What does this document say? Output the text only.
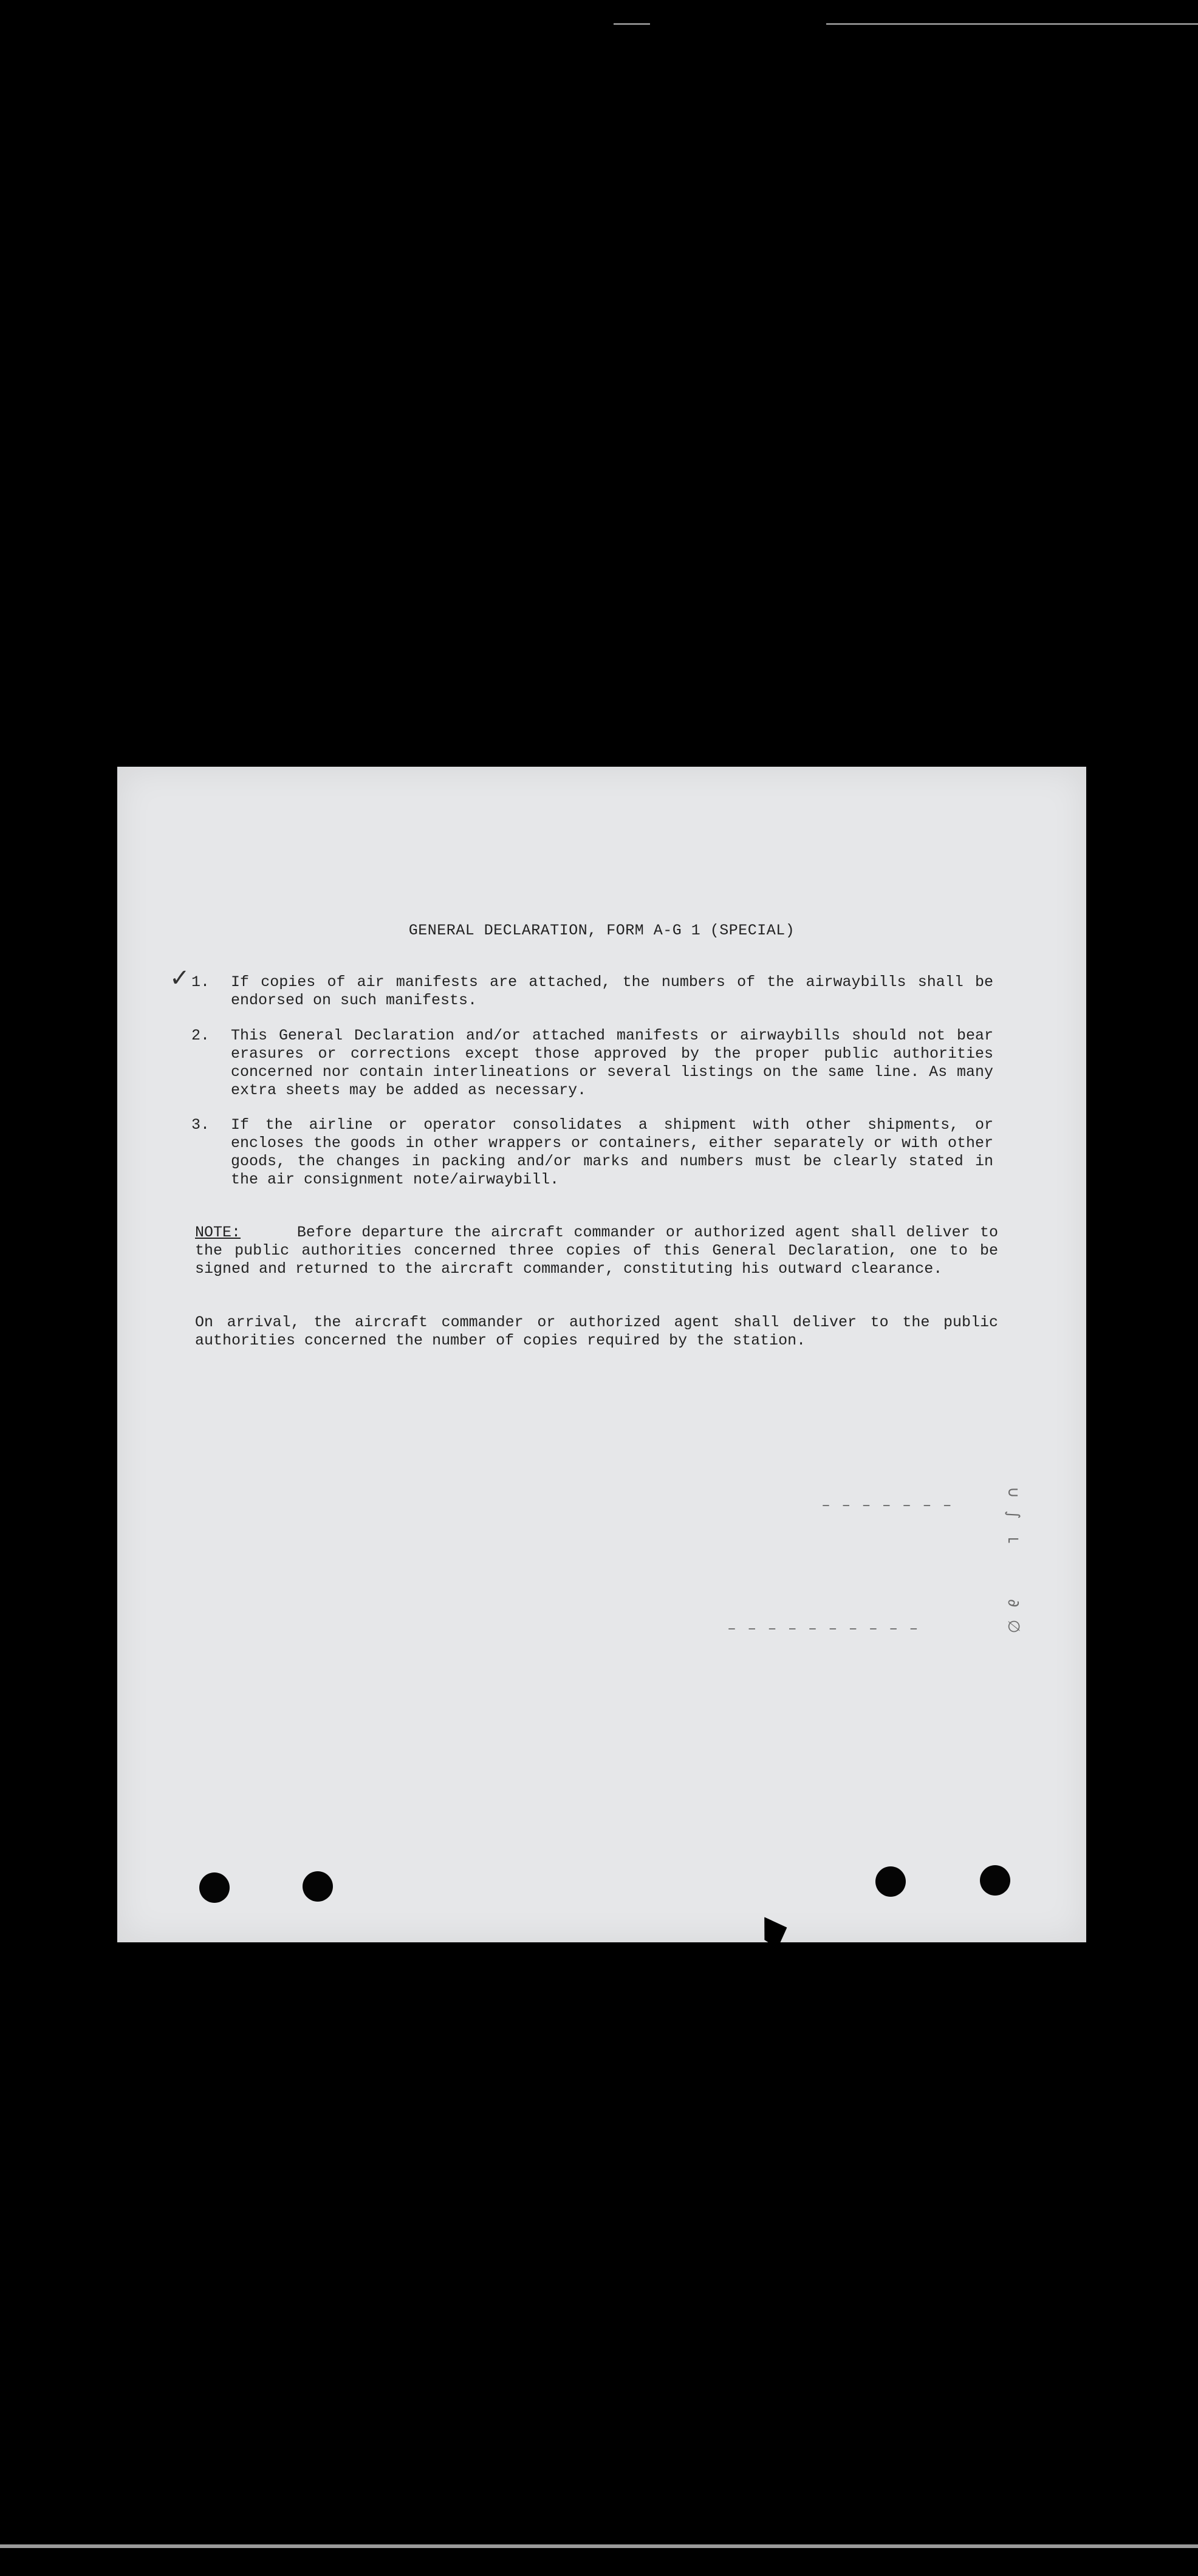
GENERAL DECLARATION, FORM A-G 1 (SPECIAL)
✓ 1.	If copies of air manifests are attached, the numbers of the airwaybills shall be endorsed on such manifests.
2.	This General Declaration and/or attached manifests or airwaybills should not bear erasures or corrections except those approved by the proper public authorities concerned nor contain interlineations or several listings on the same line. As many extra sheets may be added as necessary.
3.	If the airline or operator consolidates a shipment with other shipments, or encloses the goods in other wrappers or containers, either separately or with other goods, the changes in packing and/or marks and numbers must be clearly stated in the air consignment note/airwaybill.
NOTE:	Before departure the aircraft commander or authorized agent shall deliver to the public authorities concerned three copies of this General Declaration, one to be signed and returned to the aircraft commander, constituting his outward clearance.
On arrival, the aircraft commander or authorized agent shall deliver to the public authorities concerned the number of copies required by the station.
– – – – – – –
– – – – – – – – – –
∪ ∫ ⌐
∂ ∅
